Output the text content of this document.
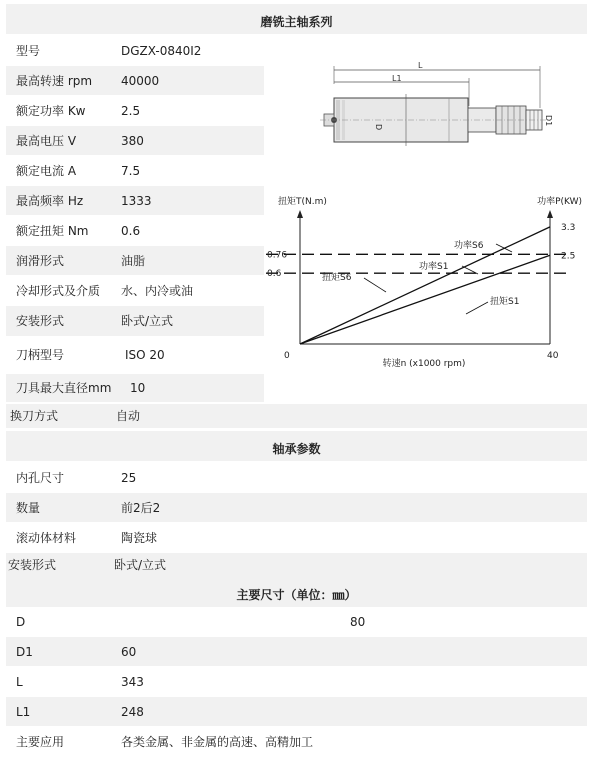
磨铣主轴系列
型号	DGZX-0840I2
最高转速 rpm 40000
额定功率 Kw	2.5
最高电压 V	380
额定电流 A	7.5
最高频率 Hz	1333
额定扭矩 Nm	0.6
润滑形式	油脂
冷却形式及介质 水、内冷或油
安装形式	卧式/立式
刀柄型号	ISO 20
刀具最大直径mm 10
换刀方式	自动
L
L1
D
D1
扭矩T(N.m)	功率P(KW)
0	40
转速n (x1000 rpm)
0.76
0.6
3.3
2.5
功率S6
功率S1
扭矩S6
扭矩S1
轴承参数
内孔尺寸	25
数量	前2后2
滚动体材料	陶瓷球
安装形式	卧式/立式
主要尺寸（单位：㎜）
D	80
D1	60
L	343
L1	248
主要应用	各类金属、非金属的高速、高精加工
